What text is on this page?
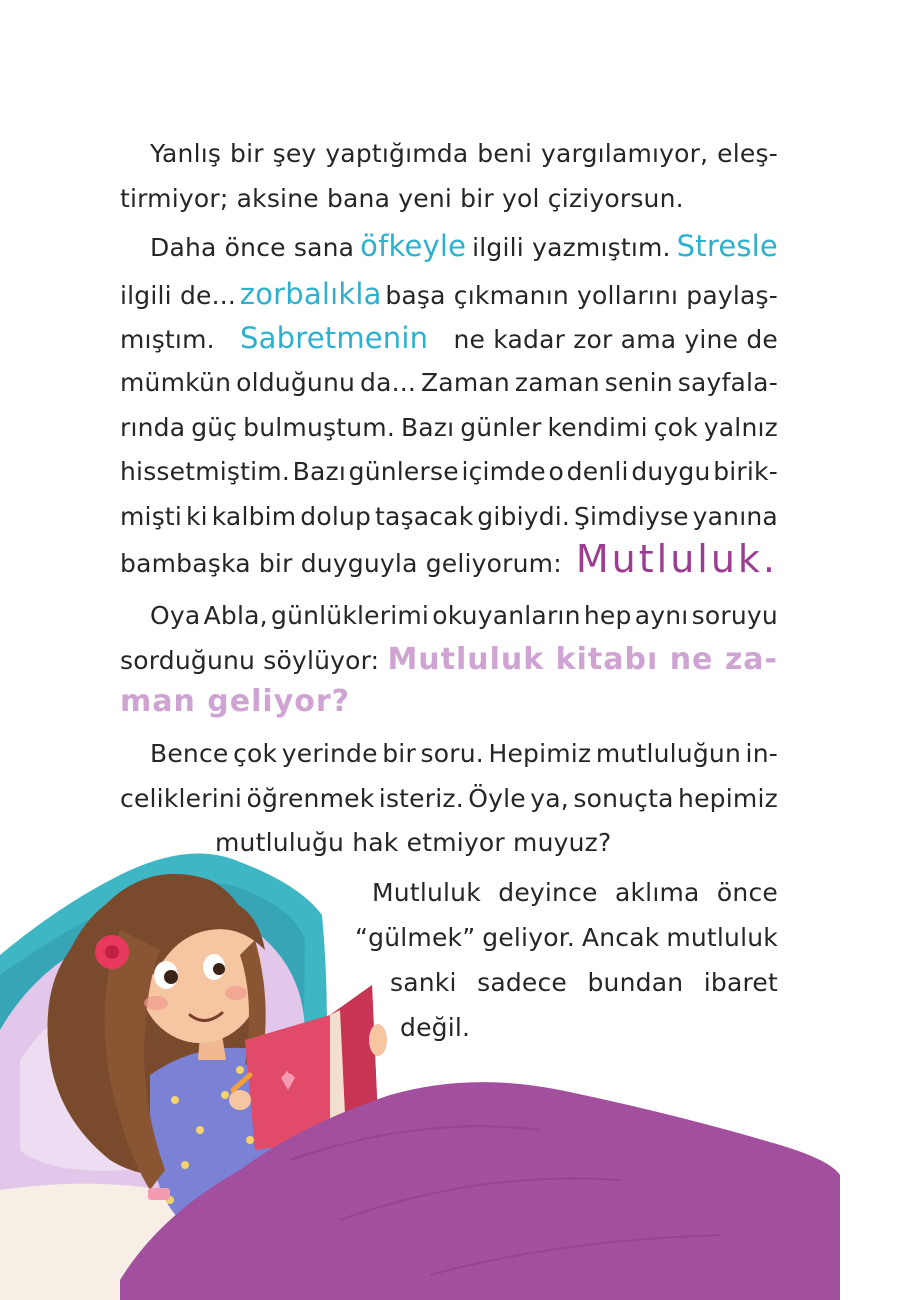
Yanlış bir şey yaptığımda beni yargılamıyor, eleş-
tirmiyor; aksine bana yeni bir yol çiziyorsun.
Daha önce sana öfkeyle ilgili yazmıştım. Stresle
ilgili de... zorbalıkla başa çıkmanın yollarını paylaş-
mıştım. Sabretmenin ne kadar zor ama yine de
mümkün olduğunu da... Zaman zaman senin sayfala-
rında güç bulmuştum. Bazı günler kendimi çok yalnız
hissetmiştim. Bazı günlerse içimde o denli duygu birik-
mişti ki kalbim dolup taşacak gibiydi. Şimdiyse yanına
bambaşka bir duyguyla geliyorum: Mutluluk.
Oya Abla, günlüklerimi okuyanların hep aynı soruyu
sorduğunu söylüyor: Mutluluk kitabı ne za-
man geliyor?
Bence çok yerinde bir soru. Hepimiz mutluluğun in-
celiklerini öğrenmek isteriz. Öyle ya, sonuçta hepimiz
mutluluğu hak etmiyor muyuz?
Mutluluk deyince aklıma önce
“gülmek” geliyor. Ancak mutluluk
sanki sadece bundan ibaret
değil.
